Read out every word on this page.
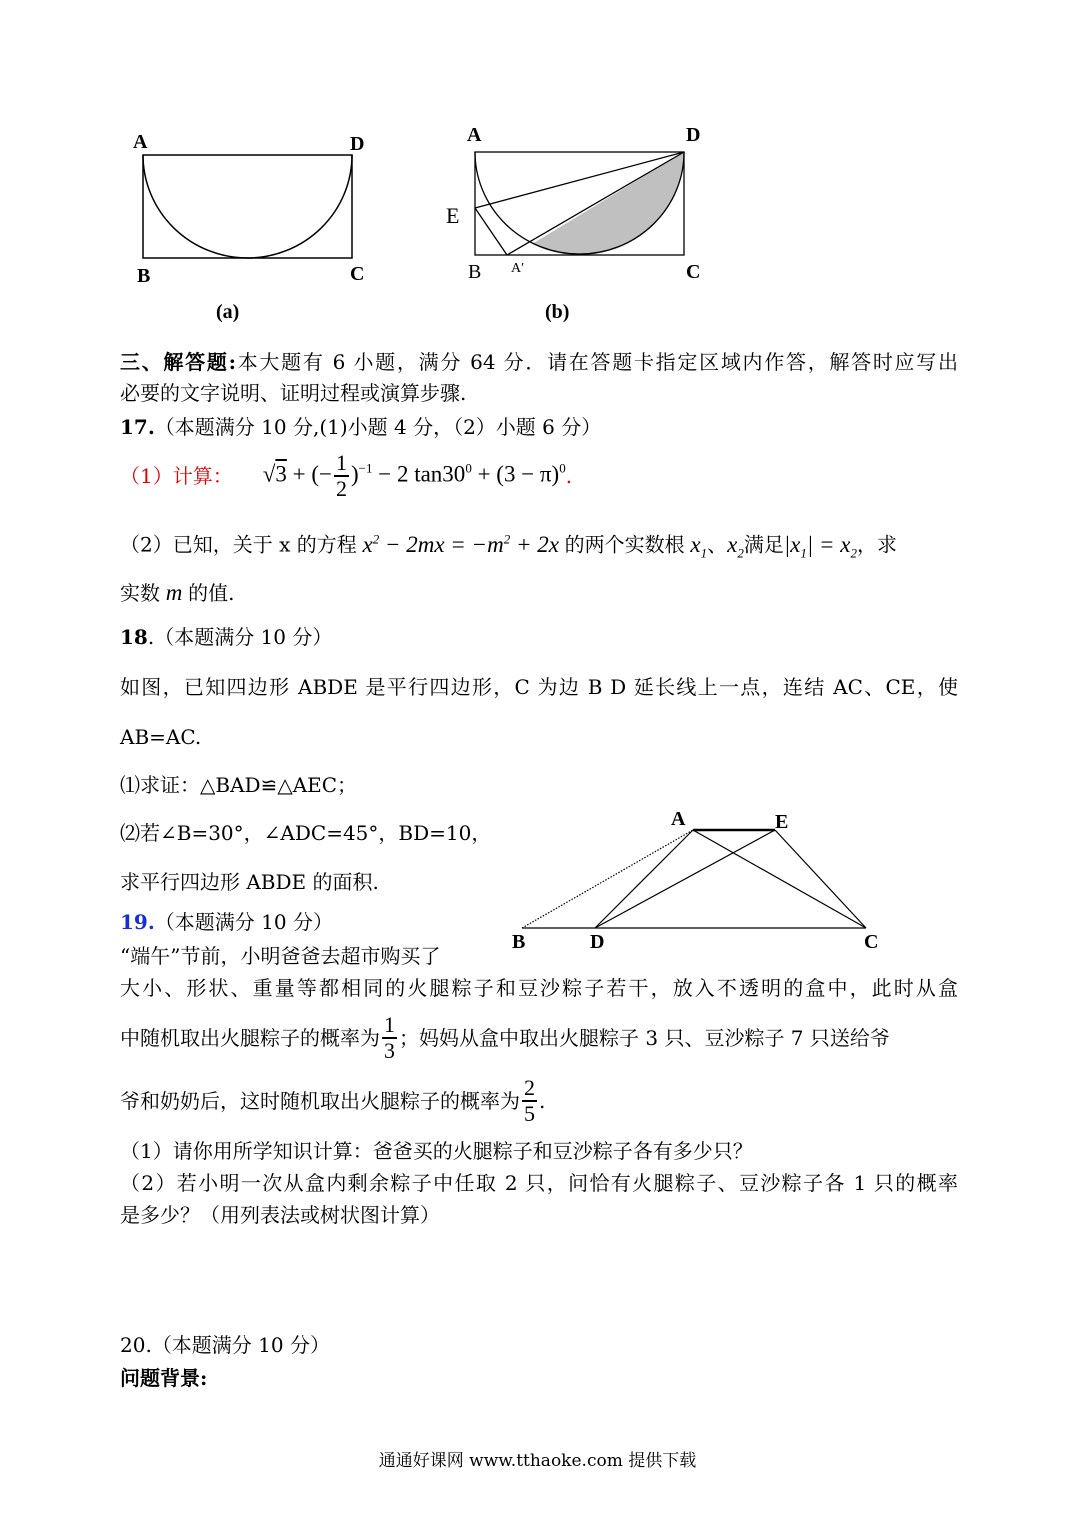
A	D
B	C
(a)
A	D
E
B A′	C
(b)
A	E
B	D	C
三、解答题:本大题有 6 小题，满分 64 分．请在答题卡指定区域内作答，解答时应写出
必要的文字说明、证明过程或演算步骤.
17.（本题满分 10 分,(1)小题 4 分，（2）小题 6 分）
（1）计算： √3 + (− $\frac{1}{2} )^{-1} - 2$ $\tan 30^0 + (3 - \pi)^0$ .
（2）已知，关于 x 的方程 $x^2 - 2mx = -m^2 + 2x$ 的两个实数根 $x_1$、$x_2$满足$|x_1| = x_2$，求
实数 m 的值.
18.（本题满分 10 分）
如图，已知四边形 ABDE 是平行四边形，C 为边 B D 延长线上一点，连结 AC、CE，使
AB=AC.
⑴求证：△BAD≌△AEC；
⑵若∠B=30°，∠ADC=45°，BD=10，
求平行四边形 ABDE 的面积.
19.（本题满分 10 分）
“端午”节前，小明爸爸去超市购买了
大小、形状、重量等都相同的火腿粽子和豆沙粽子若干，放入不透明的盒中，此时从盒
中随机取出火腿粽子的概率为 $\frac{1}{3}$ ；妈妈从盒中取出火腿粽子 3 只、豆沙粽子 7 只送给爷
爷和奶奶后，这时随机取出火腿粽子的概率为 $\frac{2}{5}$ .
（1）请你用所学知识计算：爸爸买的火腿粽子和豆沙粽子各有多少只？
（2）若小明一次从盒内剩余粽子中任取 2 只，问恰有火腿粽子、豆沙粽子各 1 只的概率
是多少？（用列表法或树状图计算）
20.（本题满分 10 分）
问题背景:
通通好课网 www.tthaoke.com 提供下载
